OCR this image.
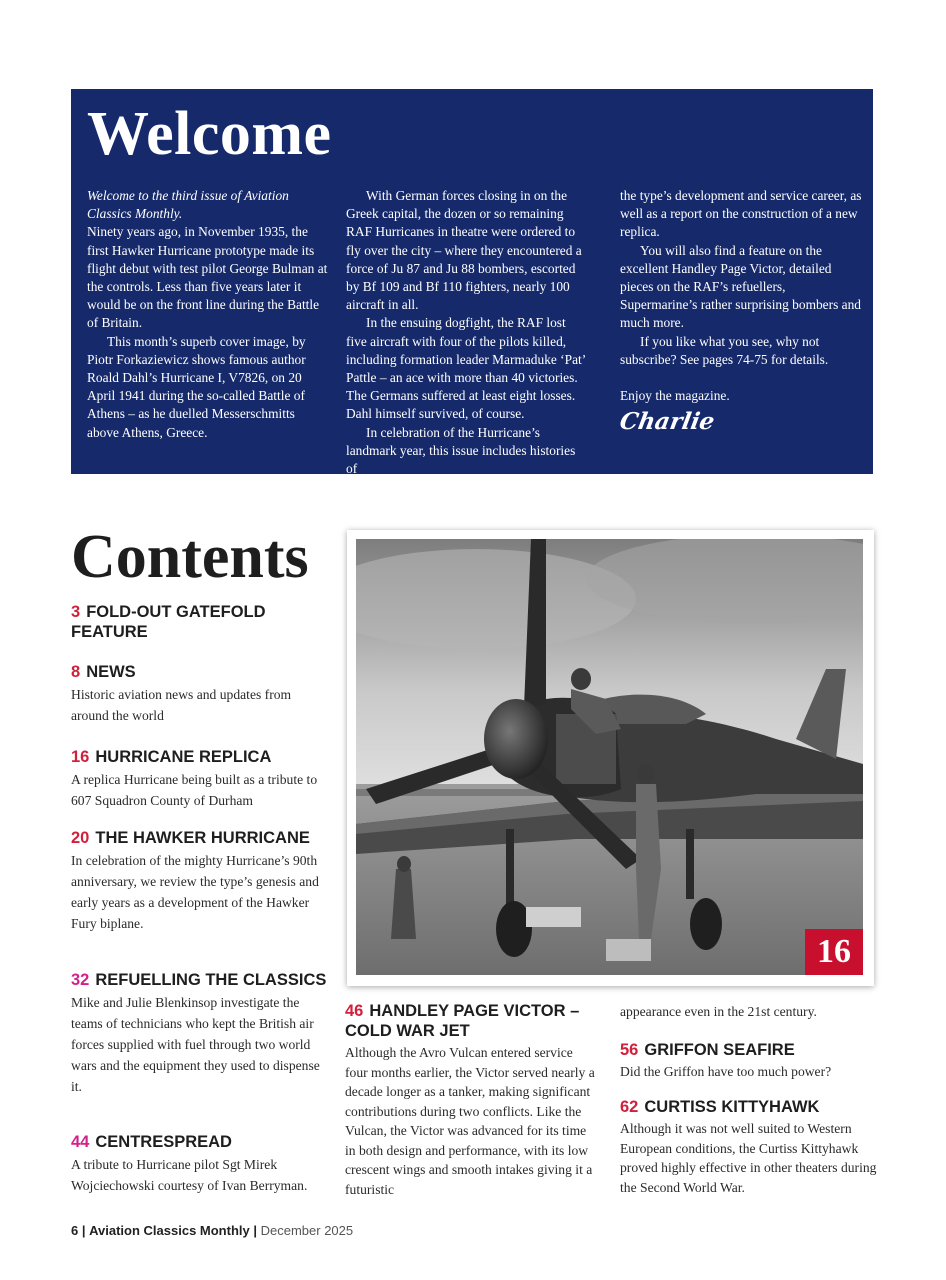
Welcome

Welcome to the third issue of Aviation Classics Monthly.

Ninety years ago, in November 1935, the first Hawker Hurricane prototype made its flight debut with test pilot George Bulman at the controls. Less than five years later it would be on the front line during the Battle of Britain.

This month’s superb cover image, by Piotr Forkaziewicz shows famous author Roald Dahl’s Hurricane I, V7826, on 20 April 1941 during the so-called Battle of Athens – as he duelled Messerschmitts above Athens, Greece.

With German forces closing in on the Greek capital, the dozen or so remaining RAF Hurricanes in theatre were ordered to fly over the city – where they encountered a force of Ju 87 and Ju 88 bombers, escorted by Bf 109 and Bf 110 fighters, nearly 100 aircraft in all.

In the ensuing dogfight, the RAF lost five aircraft with four of the pilots killed, including formation leader Marmaduke ‘Pat’ Pattle – an ace with more than 40 victories. The Germans suffered at least eight losses. Dahl himself survived, of course.

In celebration of the Hurricane’s landmark year, this issue includes histories of

the type’s development and service career, as well as a report on the construction of a new replica.

You will also find a feature on the excellent Handley Page Victor, detailed pieces on the RAF’s refuellers, Supermarine’s rather surprising bombers and much more.

If you like what you see, why not subscribe? See pages 74-75 for details.

Enjoy the magazine.

Charlie
Contents
3 FOLD-OUT GATEFOLD FEATURE
8 NEWS

Historic aviation news and updates from around the world

16 HURRICANE REPLICA

A replica Hurricane being built as a tribute to 607 Squadron County of Durham

20 THE HAWKER HURRICANE

In celebration of the mighty Hurricane’s 90th anniversary, we review the type’s genesis and early years as a development of the Hawker Fury biplane.

32 REFUELLING THE CLASSICS

Mike and Julie Blenkinsop investigate the teams of technicians who kept the British air forces supplied with fuel through two world wars and the equipment they used to dispense it.

44 CENTRESPREAD

A tribute to Hurricane pilot Sgt Mirek Wojciechowski courtesy of Ivan Berryman.

16
46 HANDLEY PAGE VICTOR – COLD WAR JET

Although the Avro Vulcan entered service four months earlier, the Victor served nearly a decade longer as a tanker, making significant contributions during two conflicts. Like the Vulcan, the Victor was advanced for its time in both design and performance, with its low crescent wings and smooth intakes giving it a futuristic

appearance even in the 21st century.

56 GRIFFON SEAFIRE

Did the Griffon have too much power?

62 CURTISS KITTYHAWK

Although it was not well suited to Western European conditions, the Curtiss Kittyhawk proved highly effective in other theaters during the Second World War.

6 | Aviation Classics Monthly | December 2025
